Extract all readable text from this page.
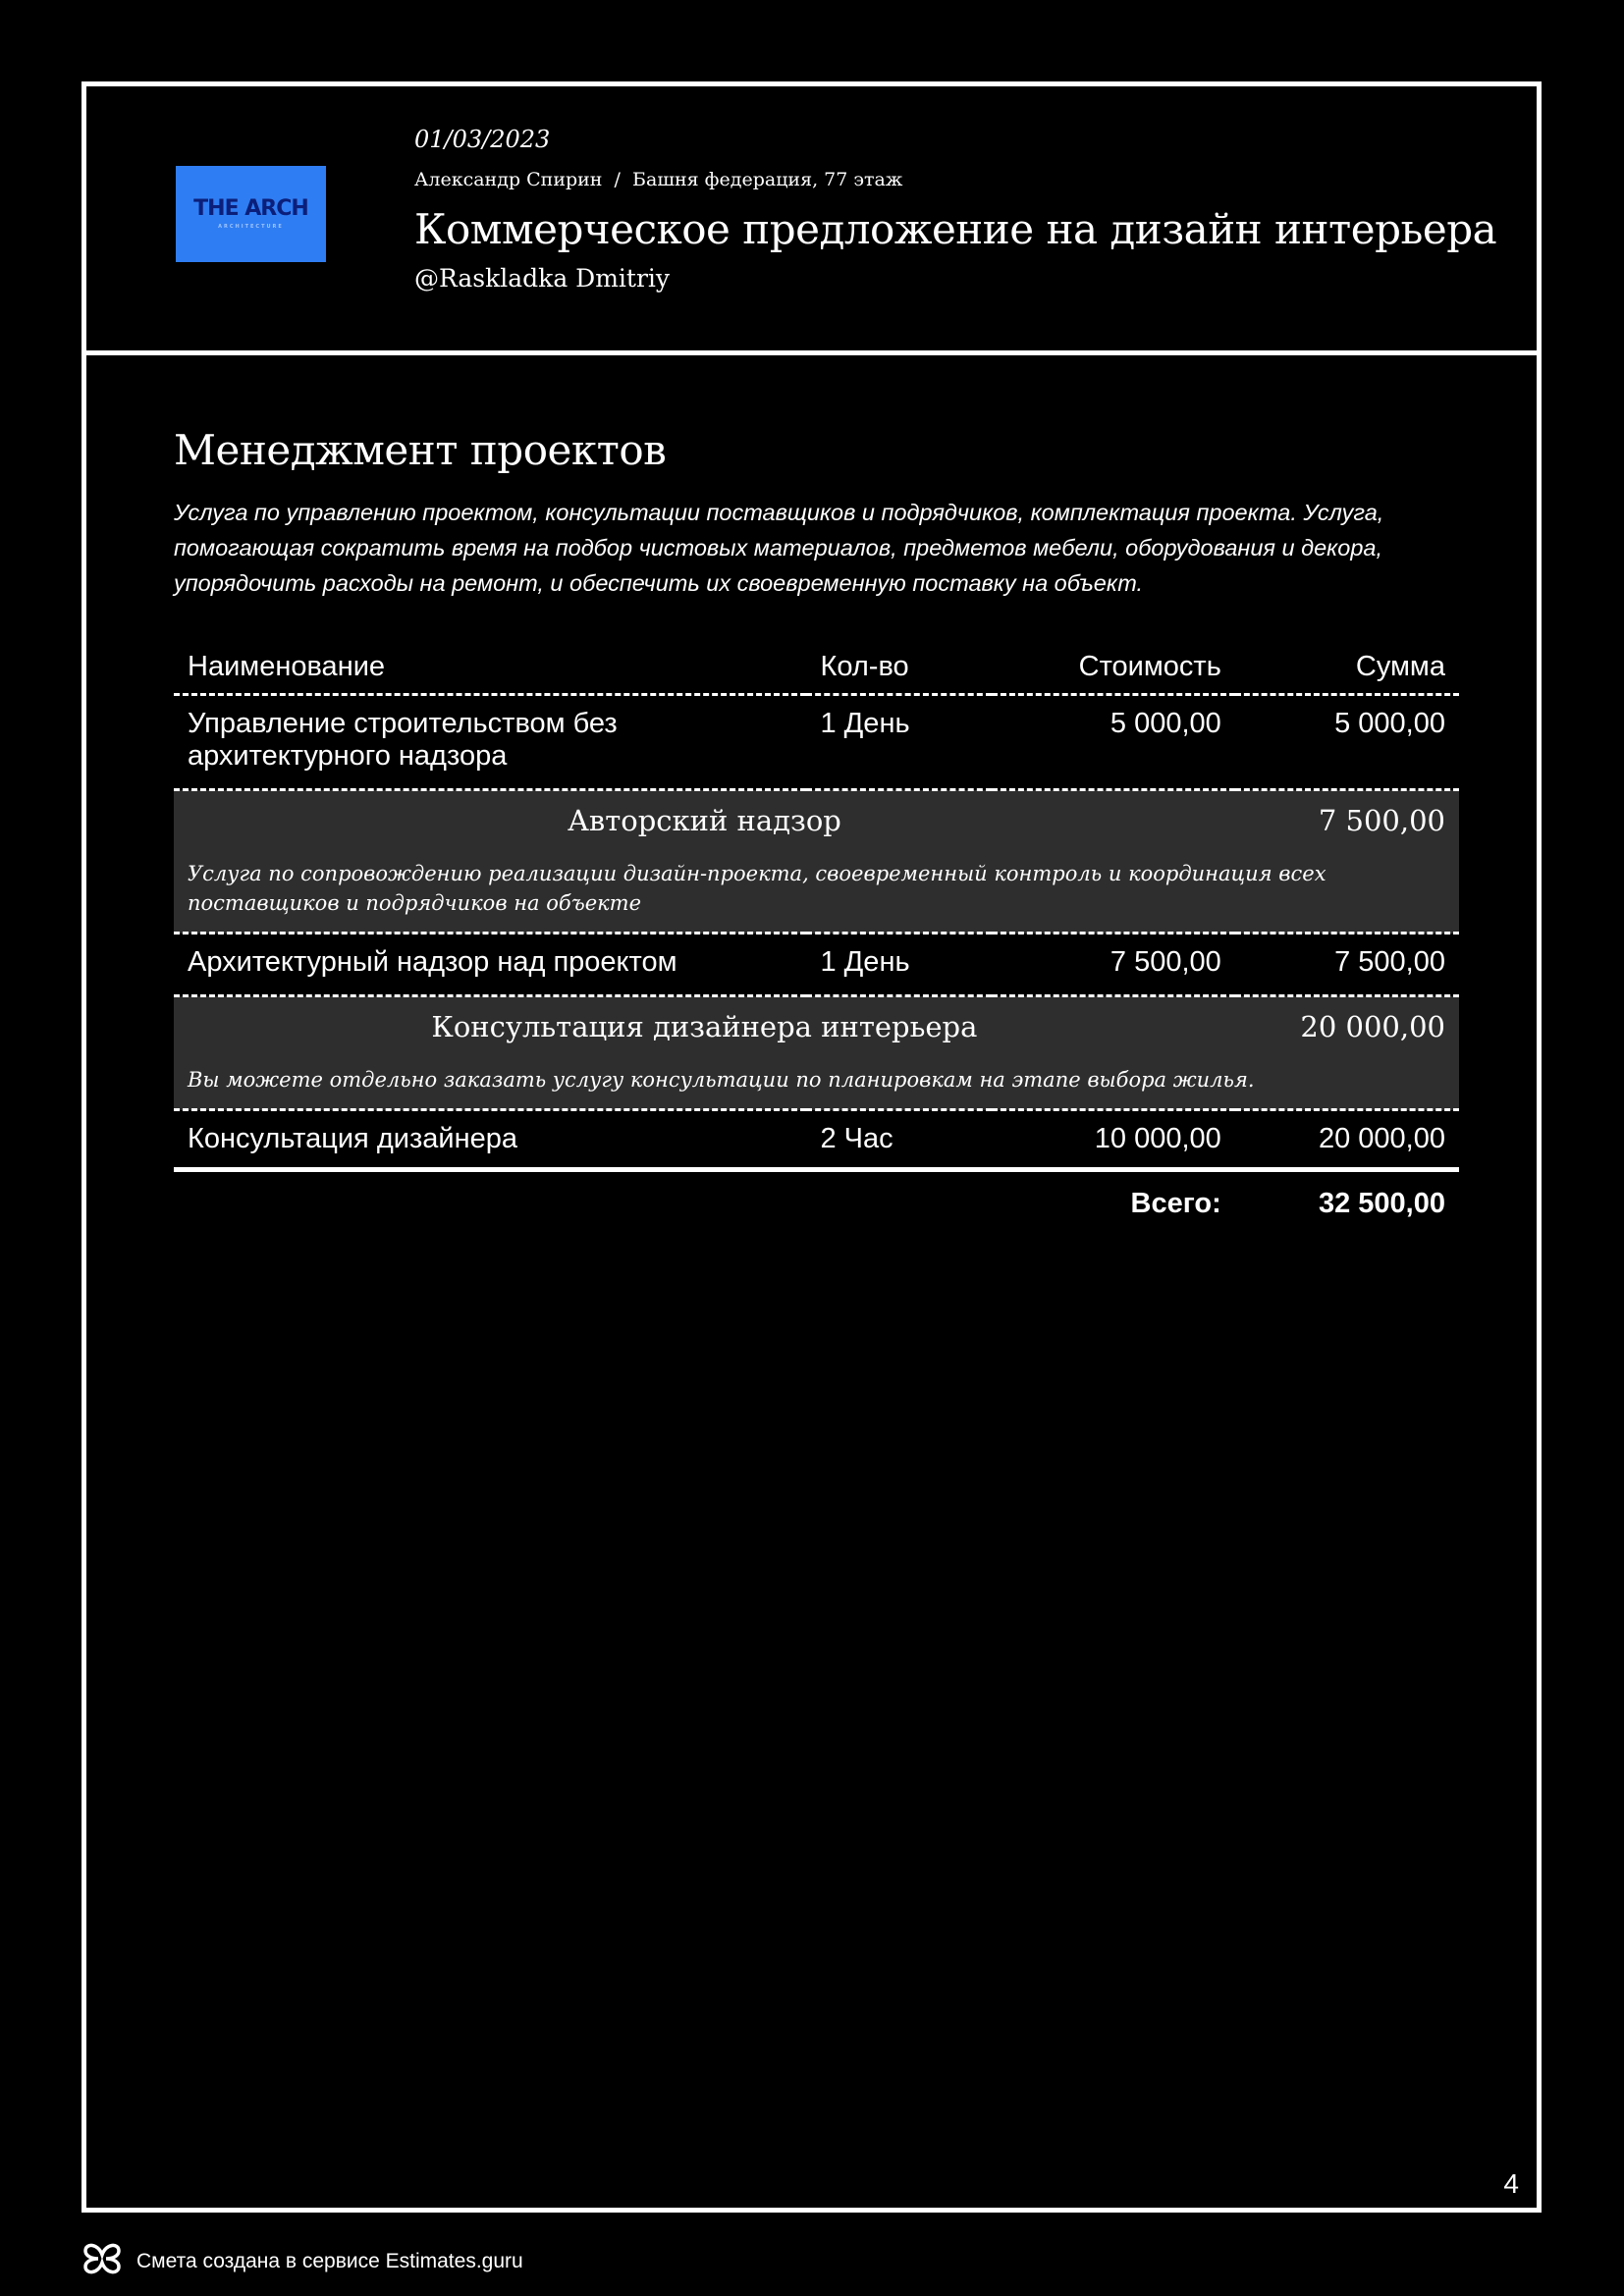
THE ARCH
ARCHITECTURE
01/03/2023
Александр Спирин  /  Башня федерация, 77 этаж
Коммерческое предложение на дизайн интерьера
@Raskladka Dmitriy
Менеджмент проектов
Услуга по управлению проектом, консультации поставщиков и подрядчиков, комплектация проекта. Услуга, помогающая сократить время на подбор чистовых материалов, предметов мебели, оборудования и декора, упорядочить расходы на ремонт, и обеспечить их своевременную поставку на объект.
Наименование	Кол-во	Стоимость	Сумма
Управление строительством без архитектурного надзора	1 День	5 000,00	5 000,00
Авторский надзор			7 500,00
Услуга по сопровождению реализации дизайн-проекта, своевременный контроль и координация всех поставщиков и подрядчиков на объекте			
Архитектурный надзор над проектом	1 День	7 500,00	7 500,00
Консультация дизайнера интерьера			20 000,00
Вы можете отдельно заказать услугу консультации по планировкам на этапе выбора жилья.			
Консультация дизайнера	2 Час	10 000,00	20 000,00
		Всего:	32 500,00
4
Смета создана в сервисе Estimates.guru
